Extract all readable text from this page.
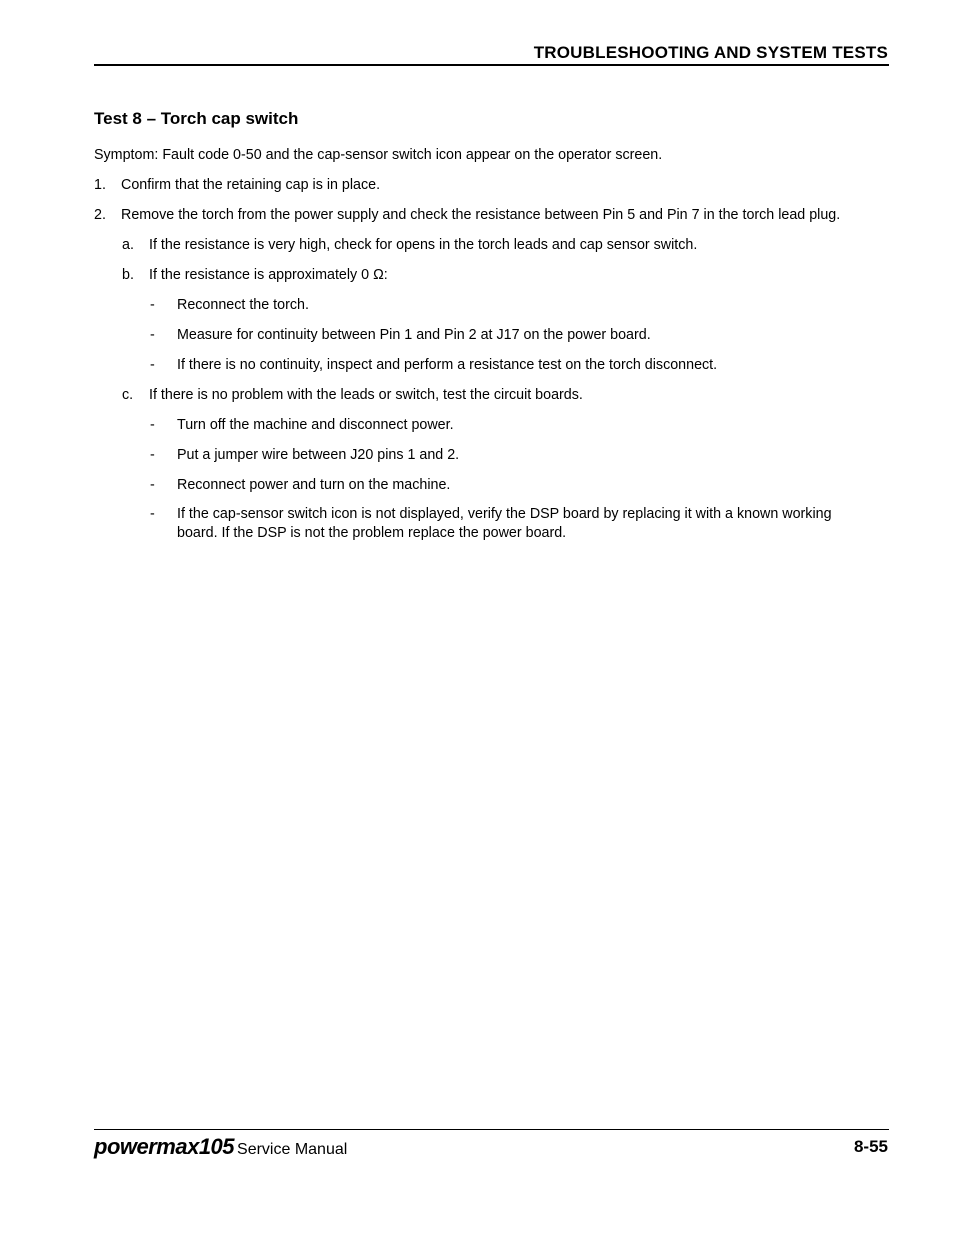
TROUBLESHOOTING AND SYSTEM TESTS
Test 8 – Torch cap switch
Symptom: Fault code 0-50 and the cap-sensor switch icon appear on the operator screen.
1. Confirm that the retaining cap is in place.
2. Remove the torch from the power supply and check the resistance between Pin 5 and Pin 7 in the torch lead plug.
a. If the resistance is very high, check for opens in the torch leads and cap sensor switch.
b. If the resistance is approximately 0 Ω:
- Reconnect the torch.
- Measure for continuity between Pin 1 and Pin 2 at J17 on the power board.
- If there is no continuity, inspect and perform a resistance test on the torch disconnect.
c. If there is no problem with the leads or switch, test the circuit boards.
- Turn off the machine and disconnect power.
- Put a jumper wire between J20 pins 1 and 2.
- Reconnect power and turn on the machine.
- If the cap-sensor switch icon is not displayed, verify the DSP board by replacing it with a known working
board. If the DSP is not the problem replace the power board.
powermax105 Service Manual	8-55
